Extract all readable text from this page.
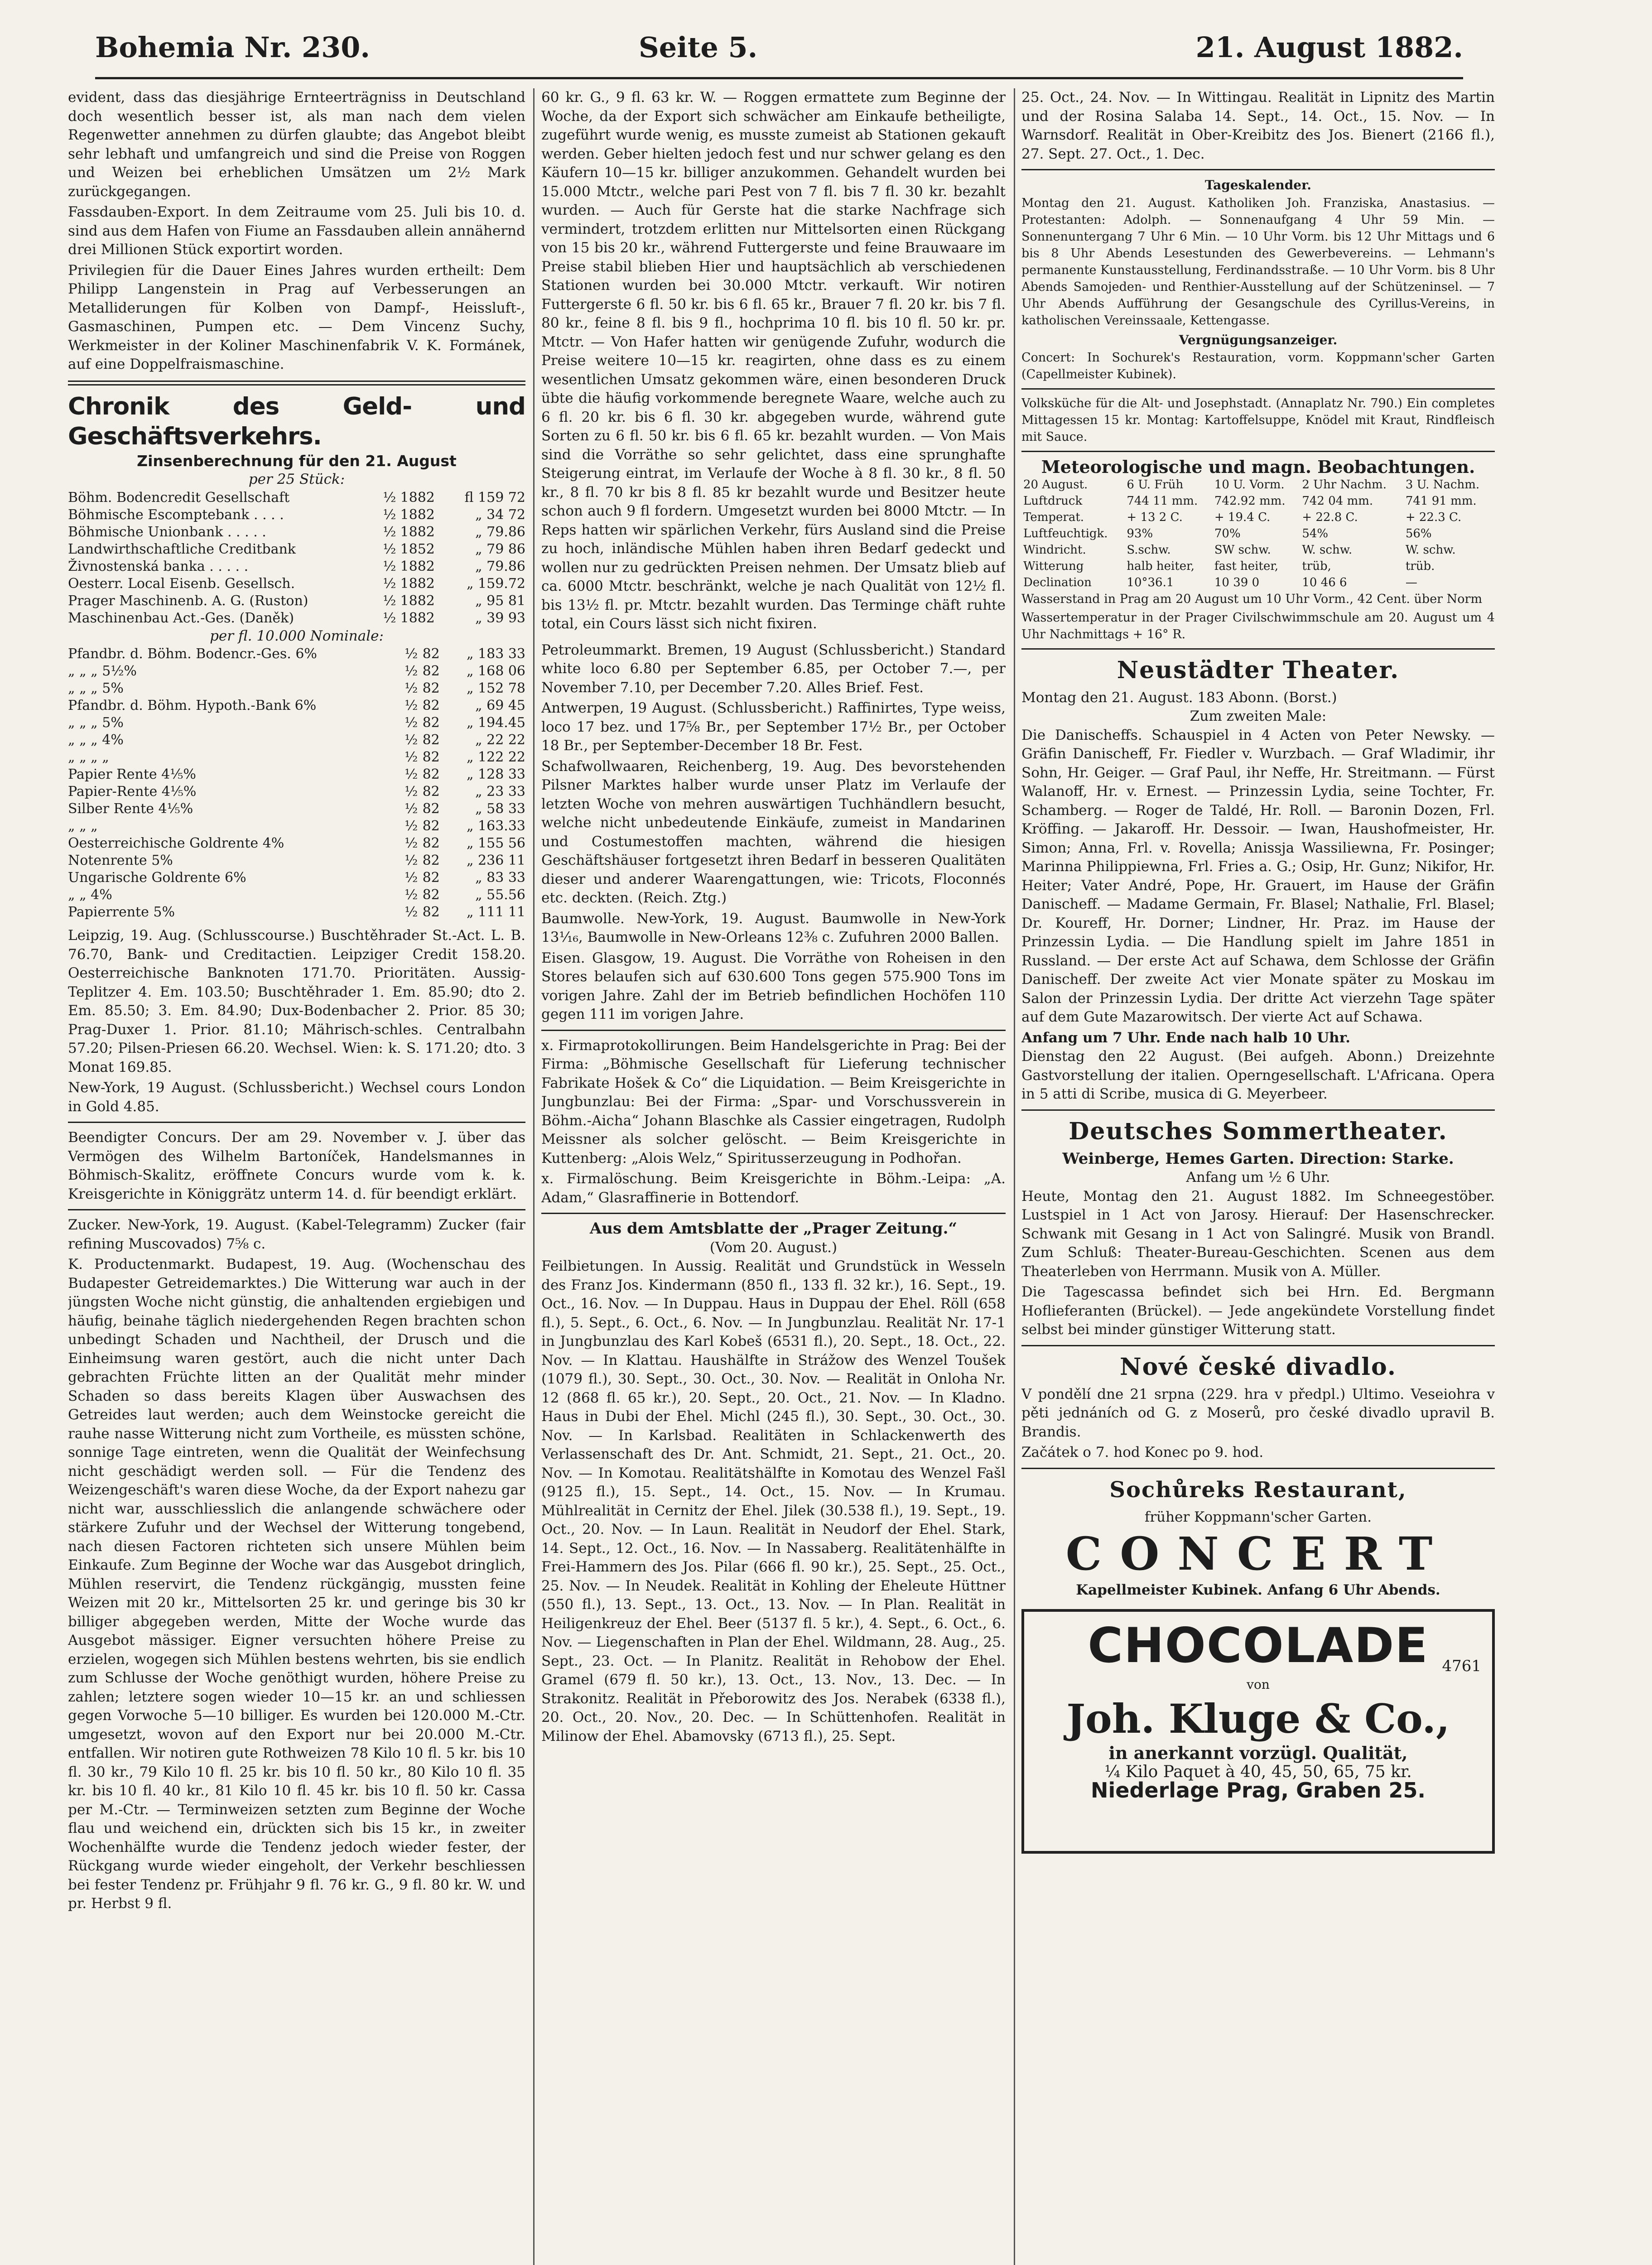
Bohemia Nr. 230.	Seite 5.	21. August 1882.

evident, dass das diesjährige Ernteerträgniss in Deutschland doch wesentlich besser ist, als man nach dem vielen Regenwetter annehmen zu dürfen glaubte; das Angebot bleibt sehr lebhaft und umfangreich und sind die Preise von Roggen und Weizen bei erheblichen Umsätzen um 2½ Mark zurückgegangen.

Fassdauben-Export. In dem Zeitraume vom 25. Juli bis 10. d. sind aus dem Hafen von Fiume an Fassdauben allein annähernd drei Millionen Stück exportirt worden.

Privilegien für die Dauer Eines Jahres wurden ertheilt: Dem Philipp Langenstein in Prag auf Verbesserungen an Metalliderungen für Kolben von Dampf-, Heissluft-, Gasmaschinen, Pumpen etc. — Dem Vincenz Suchy, Werkmeister in der Koliner Maschinenfabrik V. K. Formánek, auf eine Doppelfraismaschine.

Chronik des Geld- und Geschäftsverkehrs.
Zinsenberechnung für den 21. August
per 25 Stück:
Böhm. Bodencredit Gesellschaft	½	1882	fl 159 72
Böhmische Escomptebank . . . .	½	1882	„ 34 72
Böhmische Unionbank . . . . .	½	1882	„ 79.86
Landwirthschaftliche Creditbank	½	1852	„ 79 86
Živnostenská banka . . . . .	½	1882	„ 79.86
Oesterr. Local Eisenb. Gesellsch.	½	1882	„ 159.72
Prager Maschinenb. A. G. (Ruston)	½	1882	„ 95 81
Maschinenbau Act.-Ges. (Daněk)	½	1882	„ 39 93
per fl. 10.000 Nominale:
Pfandbr. d. Böhm. Bodencr.-Ges. 6%	½	82	„ 183 33
„ „ „ 5½%	½	82	„ 168 06
„ „ „ 5%	½	82	„ 152 78
Pfandbr. d. Böhm. Hypoth.-Bank 6%	½	82	„ 69 45
„ „ „ 5%	½	82	„ 194.45
„ „ „ 4%	½	82	„ 22 22
„ „ „ „	½	82	„ 122 22
Papier Rente 4⅕%	½	82	„ 128 33
Papier-Rente 4⅕%	½	82	„ 23 33
Silber Rente 4⅕%	½	82	„ 58 33
„ „ „	½	82	„ 163.33
Oesterreichische Goldrente 4%	½	82	„ 155 56
Notenrente 5%	½	82	„ 236 11
Ungarische Goldrente 6%	½	82	„ 83 33
„ „ 4%	½	82	„ 55.56
Papierrente 5%	½	82	„ 111 11

Leipzig, 19. Aug. (Schlusscourse.) Buschtěhrader St.-Act. L. B. 76.70, Bank- und Creditactien. Leipziger Credit 158.20. Oesterreichische Banknoten 171.70. Prioritäten. Aussig-Teplitzer 4. Em. 103.50; Buschtěhrader 1. Em. 85.90; dto 2. Em. 85.50; 3. Em. 84.90; Dux-Bodenbacher 2. Prior. 85 30; Prag-Duxer 1. Prior. 81.10; Mährisch-schles. Centralbahn 57.20; Pilsen-Priesen 66.20. Wechsel. Wien: k. S. 171.20; dto. 3 Monat 169.85.

New-York, 19 August. (Schlussbericht.) Wechsel cours London in Gold 4.85.

Beendigter Concurs. Der am 29. November v. J. über das Vermögen des Wilhelm Bartoníček, Handelsmannes in Böhmisch-Skalitz, eröffnete Concurs wurde vom k. k. Kreisgerichte in Königgrätz unterm 14. d. für beendigt erklärt.

Zucker. New-York, 19. August. (Kabel-Telegramm) Zucker (fair refining Muscovados) 7⅝ c.

K. Productenmarkt. Budapest, 19. Aug. (Wochenschau des Budapester Getreidemarktes.) Die Witterung war auch in der jüngsten Woche nicht günstig, die anhaltenden ergiebigen und häufig, beinahe täglich niedergehenden Regen brachten schon unbedingt Schaden und Nachtheil, der Drusch und die Einheimsung waren gestört, auch die nicht unter Dach gebrachten Früchte litten an der Qualität mehr minder Schaden so dass bereits Klagen über Auswachsen des Getreides laut werden; auch dem Weinstocke gereicht die rauhe nasse Witterung nicht zum Vortheile, es müssten schöne, sonnige Tage eintreten, wenn die Qualität der Weinfechsung nicht geschädigt werden soll. — Für die Tendenz des Weizengeschäft's waren diese Woche, da der Export nahezu gar nicht war, ausschliesslich die anlangende schwächere oder stärkere Zufuhr und der Wechsel der Witterung tongebend, nach diesen Factoren richteten sich unsere Mühlen beim Einkaufe. Zum Beginne der Woche war das Ausgebot dringlich, Mühlen reservirt, die Tendenz rückgängig, mussten feine Weizen mit 20 kr., Mittelsorten 25 kr. und geringe bis 30 kr billiger abgegeben werden, Mitte der Woche wurde das Ausgebot mässiger. Eigner versuchten höhere Preise zu erzielen, wogegen sich Mühlen bestens wehrten, bis sie endlich zum Schlusse der Woche genöthigt wurden, höhere Preise zu zahlen; letztere sogen wieder 10—15 kr. an und schliessen gegen Vorwoche 5—10 billiger. Es wurden bei 120.000 M.-Ctr. umgesetzt, wovon auf den Export nur bei 20.000 M.-Ctr. entfallen. Wir notiren gute Rothweizen 78 Kilo 10 fl. 5 kr. bis 10 fl. 30 kr., 79 Kilo 10 fl. 25 kr. bis 10 fl. 50 kr., 80 Kilo 10 fl. 35 kr. bis 10 fl. 40 kr., 81 Kilo 10 fl. 45 kr. bis 10 fl. 50 kr. Cassa per M.-Ctr. — Terminweizen setzten zum Beginne der Woche flau und weichend ein, drückten sich bis 15 kr., in zweiter Wochenhälfte wurde die Tendenz jedoch wieder fester, der Rückgang wurde wieder eingeholt, der Verkehr beschliessen bei fester Tendenz pr. Frühjahr 9 fl. 76 kr. G., 9 fl. 80 kr. W. und pr. Herbst 9 fl.

60 kr. G., 9 fl. 63 kr. W. — Roggen ermattete zum Beginne der Woche, da der Export sich schwächer am Einkaufe betheiligte, zugeführt wurde wenig, es musste zumeist ab Stationen gekauft werden. Geber hielten jedoch fest und nur schwer gelang es den Käufern 10—15 kr. billiger anzukommen. Gehandelt wurden bei 15.000 Mtctr., welche pari Pest von 7 fl. bis 7 fl. 30 kr. bezahlt wurden. — Auch für Gerste hat die starke Nachfrage sich vermindert, trotzdem erlitten nur Mittelsorten einen Rückgang von 15 bis 20 kr., während Futtergerste und feine Brauwaare im Preise stabil blieben Hier und hauptsächlich ab verschiedenen Stationen wurden bei 30.000 Mtctr. verkauft. Wir notiren Futtergerste 6 fl. 50 kr. bis 6 fl. 65 kr., Brauer 7 fl. 20 kr. bis 7 fl. 80 kr., feine 8 fl. bis 9 fl., hochprima 10 fl. bis 10 fl. 50 kr. pr. Mtctr. — Von Hafer hatten wir genügende Zufuhr, wodurch die Preise weitere 10—15 kr. reagirten, ohne dass es zu einem wesentlichen Umsatz gekommen wäre, einen besonderen Druck übte die häufig vorkommende beregnete Waare, welche auch zu 6 fl. 20 kr. bis 6 fl. 30 kr. abgegeben wurde, während gute Sorten zu 6 fl. 50 kr. bis 6 fl. 65 kr. bezahlt wurden. — Von Mais sind die Vorräthe so sehr gelichtet, dass eine sprunghafte Steigerung eintrat, im Verlaufe der Woche à 8 fl. 30 kr., 8 fl. 50 kr., 8 fl. 70 kr bis 8 fl. 85 kr bezahlt wurde und Besitzer heute schon auch 9 fl fordern. Umgesetzt wurden bei 8000 Mtctr. — In Reps hatten wir spärlichen Verkehr, fürs Ausland sind die Preise zu hoch, inländische Mühlen haben ihren Bedarf gedeckt und wollen nur zu gedrückten Preisen nehmen. Der Umsatz blieb auf ca. 6000 Mtctr. beschränkt, welche je nach Qualität von 12½ fl. bis 13½ fl. pr. Mtctr. bezahlt wurden. Das Terminge chäft ruhte total, ein Cours lässt sich nicht fixiren.

Petroleummarkt. Bremen, 19 August (Schlussbericht.) Standard white loco 6.80 per September 6.85, per October 7.—, per November 7.10, per December 7.20. Alles Brief. Fest.

Antwerpen, 19 August. (Schlussbericht.) Raffinirtes, Type weiss, loco 17 bez. und 17⅝ Br., per September 17½ Br., per October 18 Br., per September-December 18 Br. Fest.

Schafwollwaaren, Reichenberg, 19. Aug. Des bevorstehenden Pilsner Marktes halber wurde unser Platz im Verlaufe der letzten Woche von mehren auswärtigen Tuchhändlern besucht, welche nicht unbedeutende Einkäufe, zumeist in Mandarinen und Costumestoffen machten, während die hiesigen Geschäftshäuser fortgesetzt ihren Bedarf in besseren Qualitäten dieser und anderer Waarengattungen, wie: Tricots, Floconnés etc. deckten. (Reich. Ztg.)

Baumwolle. New-York, 19. August. Baumwolle in New-York 13⅟₁₆, Baumwolle in New-Orleans 12⅜ c. Zufuhren 2000 Ballen.

Eisen. Glasgow, 19. August. Die Vorräthe von Roheisen in den Stores belaufen sich auf 630.600 Tons gegen 575.900 Tons im vorigen Jahre. Zahl der im Betrieb befindlichen Hochöfen 110 gegen 111 im vorigen Jahre.

x. Firmaprotokollirungen. Beim Handelsgerichte in Prag: Bei der Firma: „Böhmische Gesellschaft für Lieferung technischer Fabrikate Hošek & Co“ die Liquidation. — Beim Kreisgerichte in Jungbunzlau: Bei der Firma: „Spar- und Vorschussverein in Böhm.-Aicha“ Johann Blaschke als Cassier eingetragen, Rudolph Meissner als solcher gelöscht. — Beim Kreisgerichte in Kuttenberg: „Alois Welz,“ Spiritusserzeugung in Podhořan.

x. Firmalöschung. Beim Kreisgerichte in Böhm.-Leipa: „A. Adam,“ Glasraffinerie in Bottendorf.

Aus dem Amtsblatte der „Prager Zeitung.“
(Vom 20. August.)

Feilbietungen. In Aussig. Realität und Grundstück in Wesseln des Franz Jos. Kindermann (850 fl., 133 fl. 32 kr.), 16. Sept., 19. Oct., 16. Nov. — In Duppau. Haus in Duppau der Ehel. Röll (658 fl.), 5. Sept., 6. Oct., 6. Nov. — In Jungbunzlau. Realität Nr. 17-1 in Jungbunzlau des Karl Kobeš (6531 fl.), 20. Sept., 18. Oct., 22. Nov. — In Klattau. Haushälfte in Strážow des Wenzel Toušek (1079 fl.), 30. Sept., 30. Oct., 30. Nov. — Realität in Onloha Nr. 12 (868 fl. 65 kr.), 20. Sept., 20. Oct., 21. Nov. — In Kladno. Haus in Dubi der Ehel. Michl (245 fl.), 30. Sept., 30. Oct., 30. Nov. — In Karlsbad. Realitäten in Schlackenwerth des Verlassenschaft des Dr. Ant. Schmidt, 21. Sept., 21. Oct., 20. Nov. — In Komotau. Realitätshälfte in Komotau des Wenzel Fašl (9125 fl.), 15. Sept., 14. Oct., 15. Nov. — In Krumau. Mühlrealität in Cernitz der Ehel. Jilek (30.538 fl.), 19. Sept., 19. Oct., 20. Nov. — In Laun. Realität in Neudorf der Ehel. Stark, 14. Sept., 12. Oct., 16. Nov. — In Nassaberg. Realitätenhälfte in Frei-Hammern des Jos. Pilar (666 fl. 90 kr.), 25. Sept., 25. Oct., 25. Nov. — In Neudek. Realität in Kohling der Eheleute Hüttner (550 fl.), 13. Sept., 13. Oct., 13. Nov. — In Plan. Realität in Heiligenkreuz der Ehel. Beer (5137 fl. 5 kr.), 4. Sept., 6. Oct., 6. Nov. — Liegenschaften in Plan der Ehel. Wildmann, 28. Aug., 25. Sept., 23. Oct. — In Planitz. Realität in Rehobow der Ehel. Gramel (679 fl. 50 kr.), 13. Oct., 13. Nov., 13. Dec. — In Strakonitz. Realität in Přeborowitz des Jos. Nerabek (6338 fl.), 20. Oct., 20. Nov., 20. Dec. — In Schüttenhofen. Realität in Milinow der Ehel. Abamovsky (6713 fl.), 25. Sept.

25. Oct., 24. Nov. — In Wittingau. Realität in Lipnitz des Martin und der Rosina Salaba 14. Sept., 14. Oct., 15. Nov. — In Warnsdorf. Realität in Ober-Kreibitz des Jos. Bienert (2166 fl.), 27. Sept. 27. Oct., 1. Dec.

Tageskalender.

Montag den 21. August. Katholiken Joh. Franziska, Anastasius. — Protestanten: Adolph. — Sonnenaufgang 4 Uhr 59 Min. — Sonnenuntergang 7 Uhr 6 Min. — 10 Uhr Vorm. bis 12 Uhr Mittags und 6 bis 8 Uhr Abends Lesestunden des Gewerbevereins. — Lehmann's permanente Kunstausstellung, Ferdinandsstraße. — 10 Uhr Vorm. bis 8 Uhr Abends Samojeden- und Renthier-Ausstellung auf der Schützeninsel. — 7 Uhr Abends Aufführung der Gesangschule des Cyrillus-Vereins, in katholischen Vereinssaale, Kettengasse.

Vergnügungsanzeiger.

Concert: In Sochurek's Restauration, vorm. Koppmann'scher Garten (Capellmeister Kubinek).

Volksküche für die Alt- und Josephstadt. (Annaplatz Nr. 790.) Ein completes Mittagessen 15 kr. Montag: Kartoffelsuppe, Knödel mit Kraut, Rindfleisch mit Sauce.

Meteorologische und magn. Beobachtungen.
20 August.	6 U. Früh	10 U. Vorm.	2 Uhr Nachm.	3 U. Nachm.
Luftdruck	744 11 mm.	742.92 mm.	742 04 mm.	741 91 mm.
Temperat.	+ 13 2 C.	+ 19.4 C.	+ 22.8 C.	+ 22.3 C.
Luftfeuchtigk.	93%	70%	54%	56%
Windricht.	S.schw.	SW schw.	W. schw.	W. schw.
Witterung	halb heiter,	fast heiter,	trüb,	trüb.
Declination	10°36.1	10 39 0	10 46 6	—

Wasserstand in Prag am 20 August um 10 Uhr Vorm., 42 Cent. über Norm

Wassertemperatur in der Prager Civilschwimmschule am 20. August um 4 Uhr Nachmittags + 16° R.

Neustädter Theater.
Montag den 21. August. 183 Abonn. (Borst.)
Zum zweiten Male:

Die Danischeffs. Schauspiel in 4 Acten von Peter Newsky. — Gräfin Danischeff, Fr. Fiedler v. Wurzbach. — Graf Wladimir, ihr Sohn, Hr. Geiger. — Graf Paul, ihr Neffe, Hr. Streitmann. — Fürst Walanoff, Hr. v. Ernest. — Prinzessin Lydia, seine Tochter, Fr. Schamberg. — Roger de Taldé, Hr. Roll. — Baronin Dozen, Frl. Kröffing. — Jakaroff. Hr. Dessoir. — Iwan, Haushofmeister, Hr. Simon; Anna, Frl. v. Rovella; Anissja Wassiliewna, Fr. Posinger; Marinna Philippiewna, Frl. Fries a. G.; Osip, Hr. Gunz; Nikifor, Hr. Heiter; Vater André, Pope, Hr. Grauert, im Hause der Gräfin Danischeff. — Madame Germain, Fr. Blasel; Nathalie, Frl. Blasel; Dr. Koureff, Hr. Dorner; Lindner, Hr. Praz. im Hause der Prinzessin Lydia. — Die Handlung spielt im Jahre 1851 in Russland. — Der erste Act auf Schawa, dem Schlosse der Gräfin Danischeff. Der zweite Act vier Monate später zu Moskau im Salon der Prinzessin Lydia. Der dritte Act vierzehn Tage später auf dem Gute Mazarowitsch. Der vierte Act auf Schawa.

Anfang um 7 Uhr. Ende nach halb 10 Uhr.

Dienstag den 22 August. (Bei aufgeh. Abonn.) Dreizehnte Gastvorstellung der italien. Operngesellschaft. L'Africana. Opera in 5 atti di Scribe, musica di G. Meyerbeer.

Deutsches Sommertheater.
Weinberge, Hemes Garten. Direction: Starke.
Anfang um ½ 6 Uhr.

Heute, Montag den 21. August 1882. Im Schneegestöber. Lustspiel in 1 Act von Jarosy. Hierauf: Der Hasenschrecker. Schwank mit Gesang in 1 Act von Salingré. Musik von Brandl. Zum Schluß: Theater-Bureau-Geschichten. Scenen aus dem Theaterleben von Herrmann. Musik von A. Müller.

Die Tagescassa befindet sich bei Hrn. Ed. Bergmann Hoflieferanten (Brückel). — Jede angekündete Vorstellung findet selbst bei minder günstiger Witterung statt.

Nové české divadlo.

V pondělí dne 21 srpna (229. hra v předpl.) Ultimo. Veseiohra v pěti jednáních od G. z Moserů, pro české divadlo upravil B. Brandis.

Začátek o 7. hod Konec po 9. hod.
Sochůreks Restaurant,
früher Koppmann'scher Garten.
CONCERT
Kapellmeister Kubinek. Anfang 6 Uhr Abends.
CHOCOLADE 4761
von
Joh. Kluge & Co.,
in anerkannt vorzügl. Qualität,
¼ Kilo Paquet à 40, 45, 50, 65, 75 kr.
Niederlage Prag, Graben 25.
